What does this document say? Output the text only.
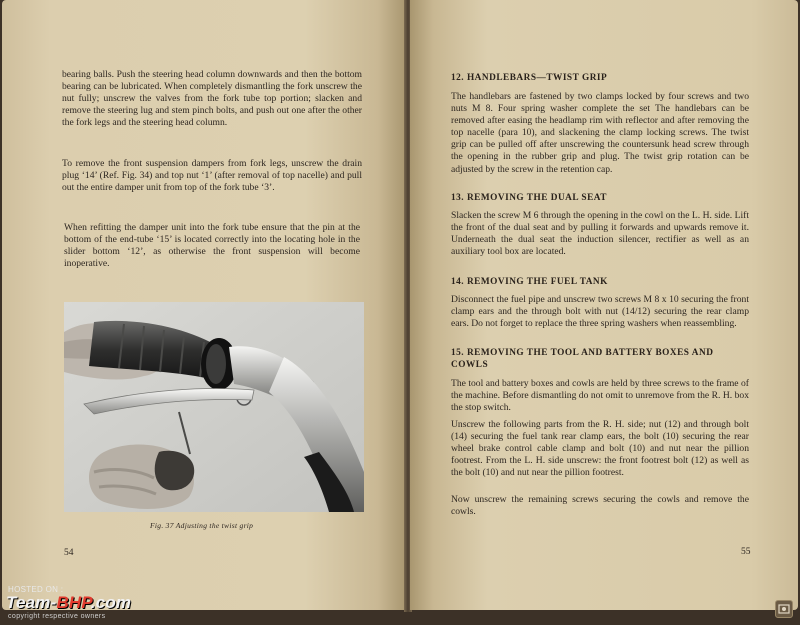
bearing balls. Push the steering head column downwards and then the bottom bearing can be lubricated. When completely dismantling the fork unscrew the nut fully; unscrew the valves from the fork tube top portion; slacken and remove the steering lug and stem pinch bolts, and push out one after the other the fork legs and the steering head column.

To remove the front suspension dampers from fork legs, unscrew the drain plug ‘14’ (Ref. Fig. 34) and top nut ‘1’ (after removal of top nacelle) and pull out the entire damper unit from top of the fork tube ‘3’.

When refitting the damper unit into the fork tube ensure that the pin at the bottom of the end-tube ‘15’ is located correctly into the locating hole in the slider bottom ‘12’, as otherwise the front suspension will become inoperative.

Fig. 37 Adjusting the twist grip
54
12. HANDLEBARS—TWIST GRIP

The handlebars are fastened by two clamps locked by four screws and two nuts M 8. Four spring washer complete the set The handlebars can be removed after easing the headlamp rim with reflector and after removing the top nacelle (para 10), and slackening the clamp locking screws. The twist grip can be pulled off after unscrewing the countersunk head screw through the opening in the rubber grip and plug. The twist grip rotation can be adjusted by the screw in the retention cap.

13. REMOVING THE DUAL SEAT

Slacken the screw M 6 through the opening in the cowl on the L. H. side. Lift the front of the dual seat and by pulling it forwards and upwards remove it. Underneath the dual seat the induction silencer, rectifier as well as an auxiliary tool box are located.

14. REMOVING THE FUEL TANK

Disconnect the fuel pipe and unscrew two screws M 8 x 10 securing the front clamp ears and the through bolt with nut (14/12) securing the rear clamp ears. Do not forget to replace the three spring washers when reassembling.

15. REMOVING THE TOOL AND BATTERY BOXES AND COWLS

The tool and battery boxes and cowls are held by three screws to the frame of the machine. Before dismantling do not omit to unremove from the R. H. box the stop switch.

Unscrew the following parts from the R. H. side; nut (12) and through bolt (14) securing the fuel tank rear clamp ears, the bolt (10) securing the rear wheel brake control cable clamp and bolt (10) and nut near the pillion footrest. From the L. H. side unscrew: the front footrest bolt (12) as well as the bolt (10) and nut near the pillion footrest.

Now unscrew the remaining screws securing the cowls and remove the cowls.

55
HOSTED ON :
Team-BHP.com
copyright respective owners
